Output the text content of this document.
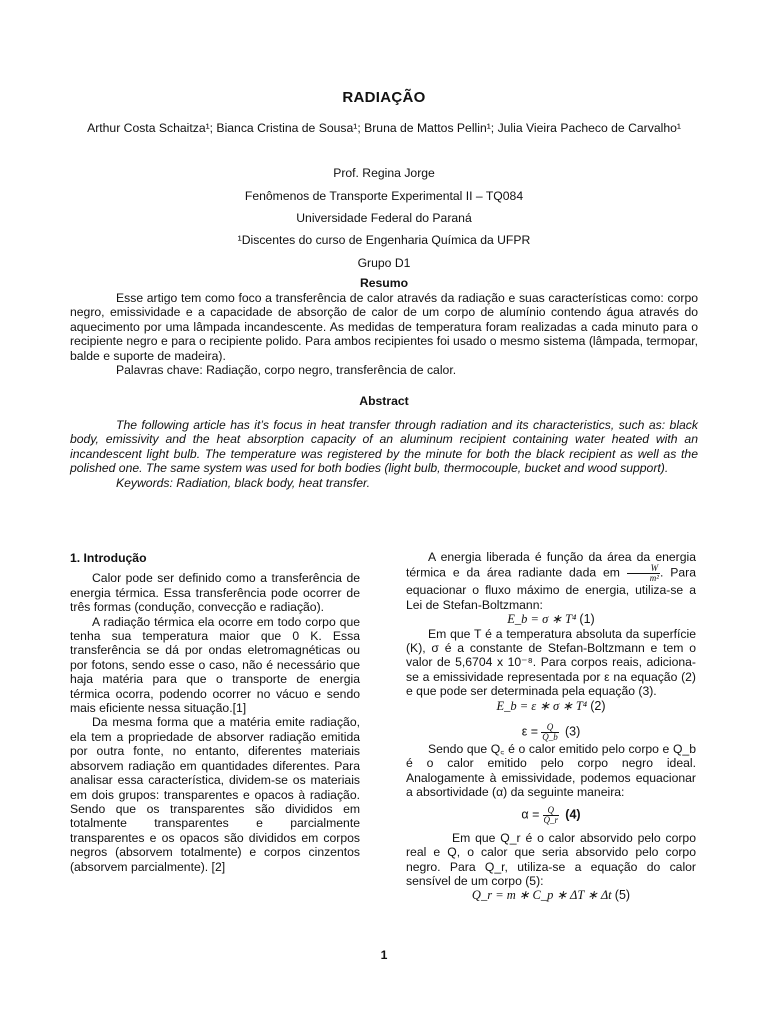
RADIAÇÃO
Arthur Costa Schaitza¹; Bianca Cristina de Sousa¹; Bruna de Mattos Pellin¹; Julia Vieira Pacheco de Carvalho¹
Prof. Regina Jorge
Fenômenos de Transporte Experimental II – TQ084
Universidade Federal do Paraná
¹Discentes do curso de Engenharia Química da UFPR
Grupo D1
Resumo

Esse artigo tem como foco a transferência de calor através da radiação e suas características como: corpo negro, emissividade e a capacidade de absorção de calor de um corpo de alumínio contendo água através do aquecimento por uma lâmpada incandescente. As medidas de temperatura foram realizadas a cada minuto para o recipiente negro e para o recipiente polido. Para ambos recipientes foi usado o mesmo sistema (lâmpada, termopar, balde e suporte de madeira).

Palavras chave: Radiação, corpo negro, transferência de calor.

Abstract

The following article has it’s focus in heat transfer through radiation and its characteristics, such as: black body, emissivity and the heat absorption capacity of an aluminum recipient containing water heated with an incandescent light bulb. The temperature was registered by the minute for both the black recipient as well as the polished one. The same system was used for both bodies (light bulb, thermocouple, bucket and wood support).

Keywords: Radiation, black body, heat transfer.

1. Introdução

Calor pode ser definido como a transferência de energia térmica. Essa transferência pode ocorrer de três formas (condução, convecção e radiação).

A radiação térmica ela ocorre em todo corpo que tenha sua temperatura maior que 0 K. Essa transferência se dá por ondas eletromagnéticas ou por fotons, sendo esse o caso, não é necessário que haja matéria para que o transporte de energia térmica ocorra, podendo ocorrer no vácuo e sendo mais eficiente nessa situação.[1]

Da mesma forma que a matéria emite radiação, ela tem a propriedade de absorver radiação emitida por outra fonte, no entanto, diferentes materiais absorvem radiação em quantidades diferentes. Para analisar essa característica, dividem-se os materiais em dois grupos: transparentes e opacos à radiação. Sendo que os transparentes são divididos em totalmente transparentes e parcialmente transparentes e os opacos são divididos em corpos negros (absorvem totalmente) e corpos cinzentos (absorvem parcialmente). [2]

A energia liberada é função da área da energia térmica e da área radiante dada em $\frac{W}{\text{m²}}$ . Para equacionar o fluxo máximo de energia, utiliza-se a Lei de Stefan-Boltzmann:

E_b = σ ∗ T⁴ (1)

Em que T é a temperatura absoluta da superfície (K), σ é a constante de Stefan-Boltzmann e tem o valor de 5,6704 x 10⁻⁸. Para corpos reais, adiciona-se a emissividade representada por ε na equação (2) e que pode ser determinada pela equação (3).

E_b = ε ∗ σ ∗ T⁴ (2)

$\varepsilon = \frac{Q}{Q\_b} (3)$

Sendo que Q꜀ é o calor emitido pelo corpo e Q_b é o calor emitido pelo corpo negro ideal. Analogamente à emissividade, podemos equacionar a absortividade (α) da seguinte maneira:

$\alpha = \frac{Q}{Q\_r} (4)$

Em que Q_r é o calor absorvido pelo corpo real e Q, o calor que seria absorvido pelo corpo negro. Para Q_r, utiliza-se a equação do calor sensível de um corpo (5):

Q_r = m ∗ C_p ∗ ΔT ∗ Δt (5)

1
